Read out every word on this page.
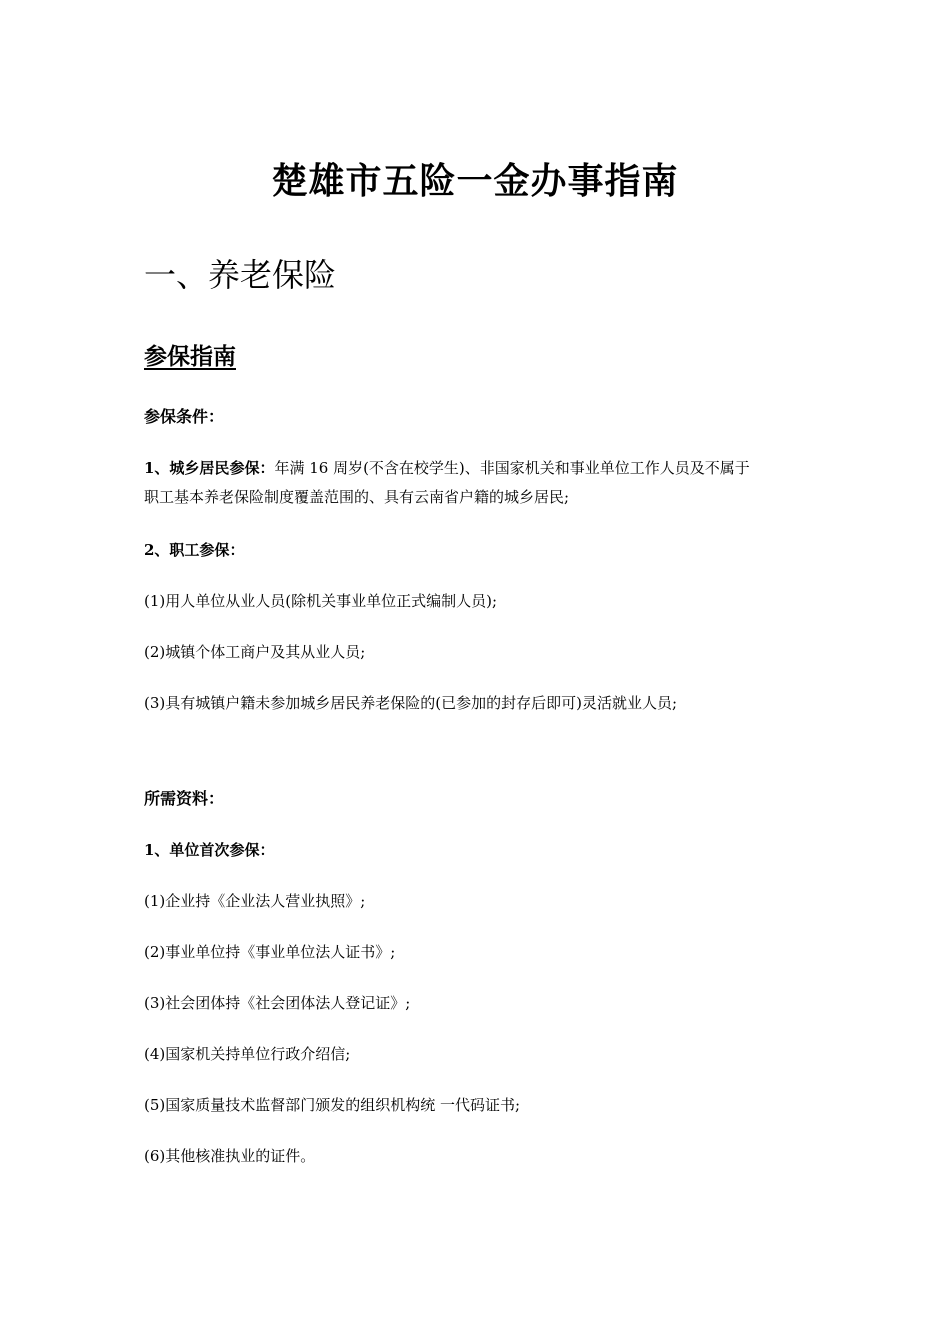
楚雄市五险一金办事指南
一、养老保险
参保指南

参保条件：

1、城乡居民参保：年满 16 周岁(不含在校学生)、非国家机关和事业单位工作人员及不属于

职工基本养老保险制度覆盖范围的、具有云南省户籍的城乡居民;

2、职工参保：

(1)用人单位从业人员(除机关事业单位正式编制人员);

(2)城镇个体工商户及其从业人员;

(3)具有城镇户籍未参加城乡居民养老保险的(已参加的封存后即可)灵活就业人员;

所需资料：

1、单位首次参保：

(1)企业持《企业法人营业执照》;

(2)事业单位持《事业单位法人证书》;

(3)社会团体持《社会团体法人登记证》;

(4)国家机关持单位行政介绍信;

(5)国家质量技术监督部门颁发的组织机构统 一代码证书;

(6)其他核准执业的证件。
